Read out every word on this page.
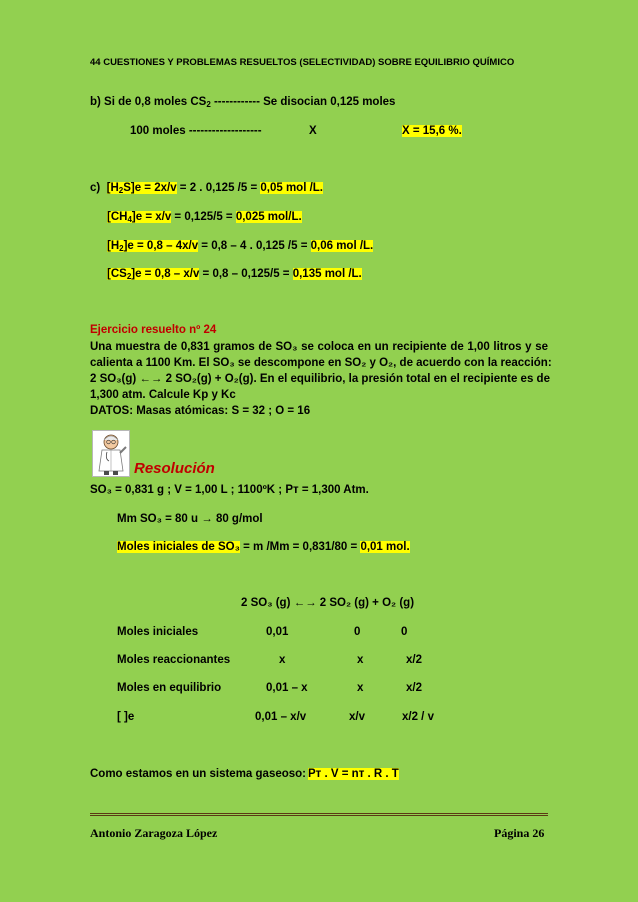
44 CUESTIONES Y PROBLEMAS RESUELTOS (SELECTIVIDAD) SOBRE EQUILIBRIO QUÍMICO
b) Si de 0,8 moles $CS_2$ ------------ Se disocian 0,125 moles
100 moles -------------------	X	X = 15,6 %.
c) $[H_2S]e = 2x/v = 2$ . 0,125 /5 = 0,05 mol /L.
$[CH_4]e = x/v = 0,125/5 = 0,025$ mol/L.
$[H_2]e = 0,8 - 4x/v = 0,8 - 4$ . 0,125 /5 = 0,06 mol /L.
$[CS_2]e = 0,8 - x/v = 0,8 - 0,125/5 = 0,135$ mol /L.
Ejercicio resuelto nº 24
Una muestra de 0,831 gramos de SO₃ se coloca en un recipiente de 1,00 litros y se
calienta a 1100 Km. El SO₃ se descompone en SO₂ y O₂, de acuerdo con la reacción:
2 SO₃(g) ←→ 2 SO₂(g) + O₂(g). En el equilibrio, la presión total en el recipiente es de
1,300 atm. Calcule Kp y Kc
DATOS: Masas atómicas: S = 32 ; O = 16
Resolución
SO₃ = 0,831 g ; V = 1,00 L ; 1100ºK ; Pᴛ = 1,300 Atm.
Mm SO₃ = 80 u → 80 g/mol
Moles iniciales de SO₃ = m /Mm = 0,831/80 = 0,01 mol.
2 SO₃ (g) ←→ 2 SO₂ (g) + O₂ (g)
Moles iniciales	0,01	0	0
Moles reaccionantes	x	x	x/2
Moles en equilibrio	0,01 – x	x	x/2
[ ]e	0,01 – x/v	x/v	x/2 / v
Como estamos en un sistema gaseoso: Pᴛ . V = nᴛ . R . T
Antonio Zaragoza López	Página 26
